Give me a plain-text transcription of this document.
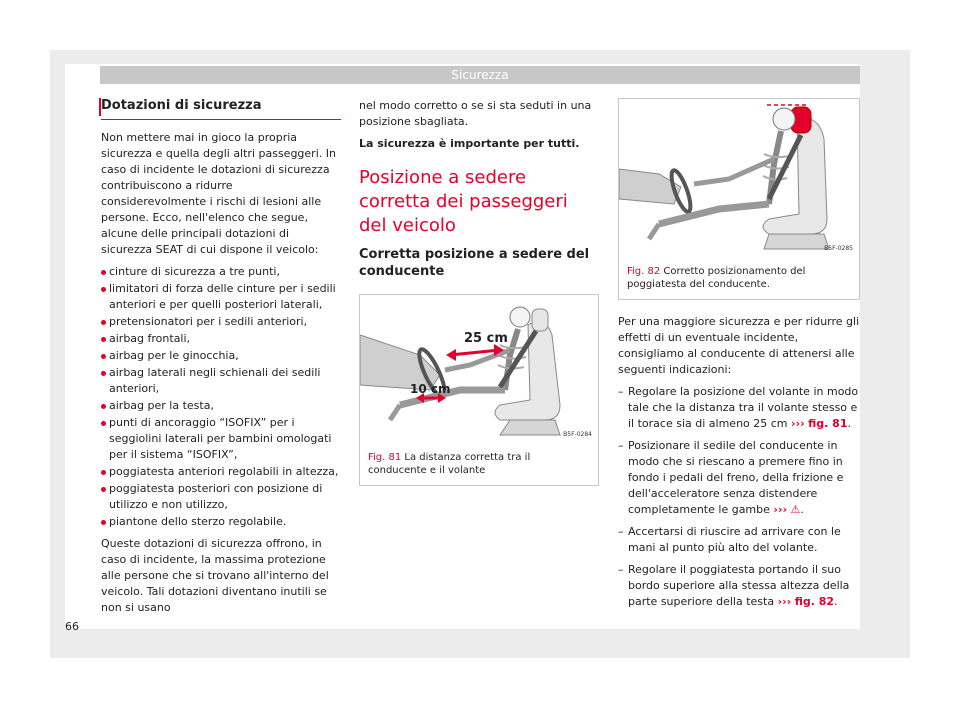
Sicurezza
Dotazioni di sicurezza

Non mettere mai in gioco la propria sicurezza e quella degli altri passeggeri. In caso di incidente le dotazioni di sicurezza contribuiscono a ridurre considerevolmente i rischi di lesioni alle persone. Ecco, nell'elenco che segue, alcune delle principali dotazioni di sicurezza SEAT di cui dispone il veicolo:

cinture di sicurezza a tre punti,
limitatori di forza delle cinture per i sedili anteriori e per quelli posteriori laterali,
pretensionatori per i sedili anteriori,
airbag frontali,
airbag per le ginocchia,
airbag laterali negli schienali dei sedili anteriori,
airbag per la testa,
punti di ancoraggio “ISOFIX” per i seggiolini laterali per bambini omologati per il sistema “ISOFIX”,
poggiatesta anteriori regolabili in altezza,
poggiatesta posteriori con posizione di utilizzo e non utilizzo,
piantone dello sterzo regolabile.

Queste dotazioni di sicurezza offrono, in caso di incidente, la massima protezione alle persone che si trovano all'interno del veicolo. Tali dotazioni diventano inutili se non si usano

nel modo corretto o se si sta seduti in una posizione sbagliata.

La sicurezza è importante per tutti.

Posizione a sedere corretta dei passeggeri del veicolo
Corretta posizione a sedere del conducente
25 cm
10 cm
B5F-0284
Fig. 81 La distanza corretta tra il conducente e il volante
B5F-0285
Fig. 82 Corretto posizionamento del poggiatesta del conducente.

Per una maggiore sicurezza e per ridurre gli effetti di un eventuale incidente, consigliamo al conducente di attenersi alle seguenti indicazioni:

– Regolare la posizione del volante in modo tale che la distanza tra il volante stesso e il torace sia di almeno 25 cm ››› fig. 81.
– Posizionare il sedile del conducente in modo che si riescano a premere fino in fondo i pedali del freno, della frizione e dell'acceleratore senza distendere completamente le gambe ››› ⚠.
– Accertarsi di riuscire ad arrivare con le mani al punto più alto del volante.
– Regolare il poggiatesta portando il suo bordo superiore alla stessa altezza della parte superiore della testa ››› fig. 82.
66
